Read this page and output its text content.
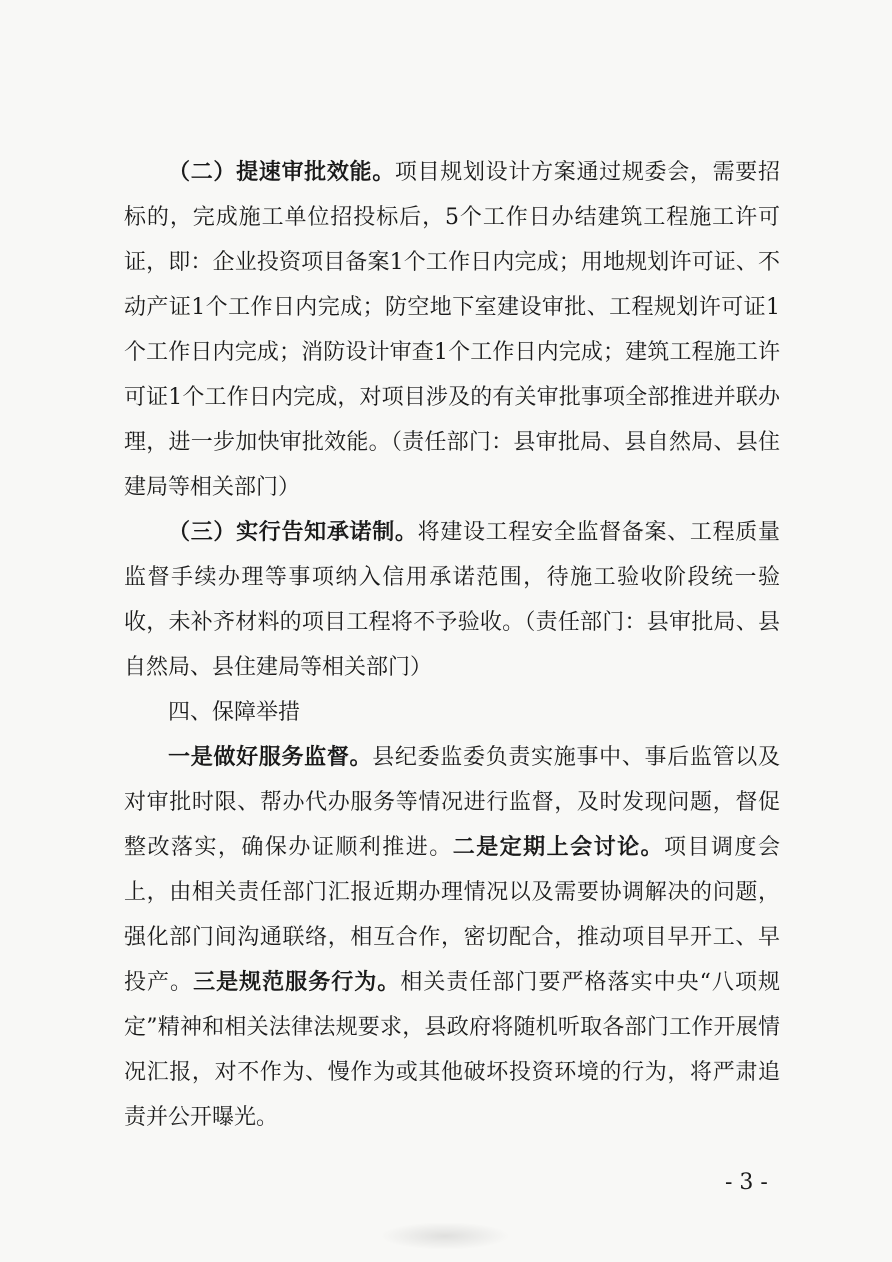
（二）提速审批效能。项目规划设计方案通过规委会，需要招标的，完成施工单位招投标后，5个工作日办结建筑工程施工许可证，即：企业投资项目备案1个工作日内完成；用地规划许可证、不动产证1个工作日内完成；防空地下室建设审批、工程规划许可证1个工作日内完成；消防设计审查1个工作日内完成；建筑工程施工许可证1个工作日内完成，对项目涉及的有关审批事项全部推进并联办理，进一步加快审批效能。（责任部门：县审批局、县自然局、县住建局等相关部门）

（三）实行告知承诺制。将建设工程安全监督备案、工程质量监督手续办理等事项纳入信用承诺范围，待施工验收阶段统一验收，未补齐材料的项目工程将不予验收。（责任部门：县审批局、县自然局、县住建局等相关部门）

四、保障举措

一是做好服务监督。县纪委监委负责实施事中、事后监管以及对审批时限、帮办代办服务等情况进行监督，及时发现问题，督促整改落实，确保办证顺利推进。二是定期上会讨论。项目调度会上，由相关责任部门汇报近期办理情况以及需要协调解决的问题，强化部门间沟通联络，相互合作，密切配合，推动项目早开工、早投产。三是规范服务行为。相关责任部门要严格落实中央“八项规定”精神和相关法律法规要求，县政府将随机听取各部门工作开展情况汇报，对不作为、慢作为或其他破坏投资环境的行为，将严肃追责并公开曝光。

- 3 -
